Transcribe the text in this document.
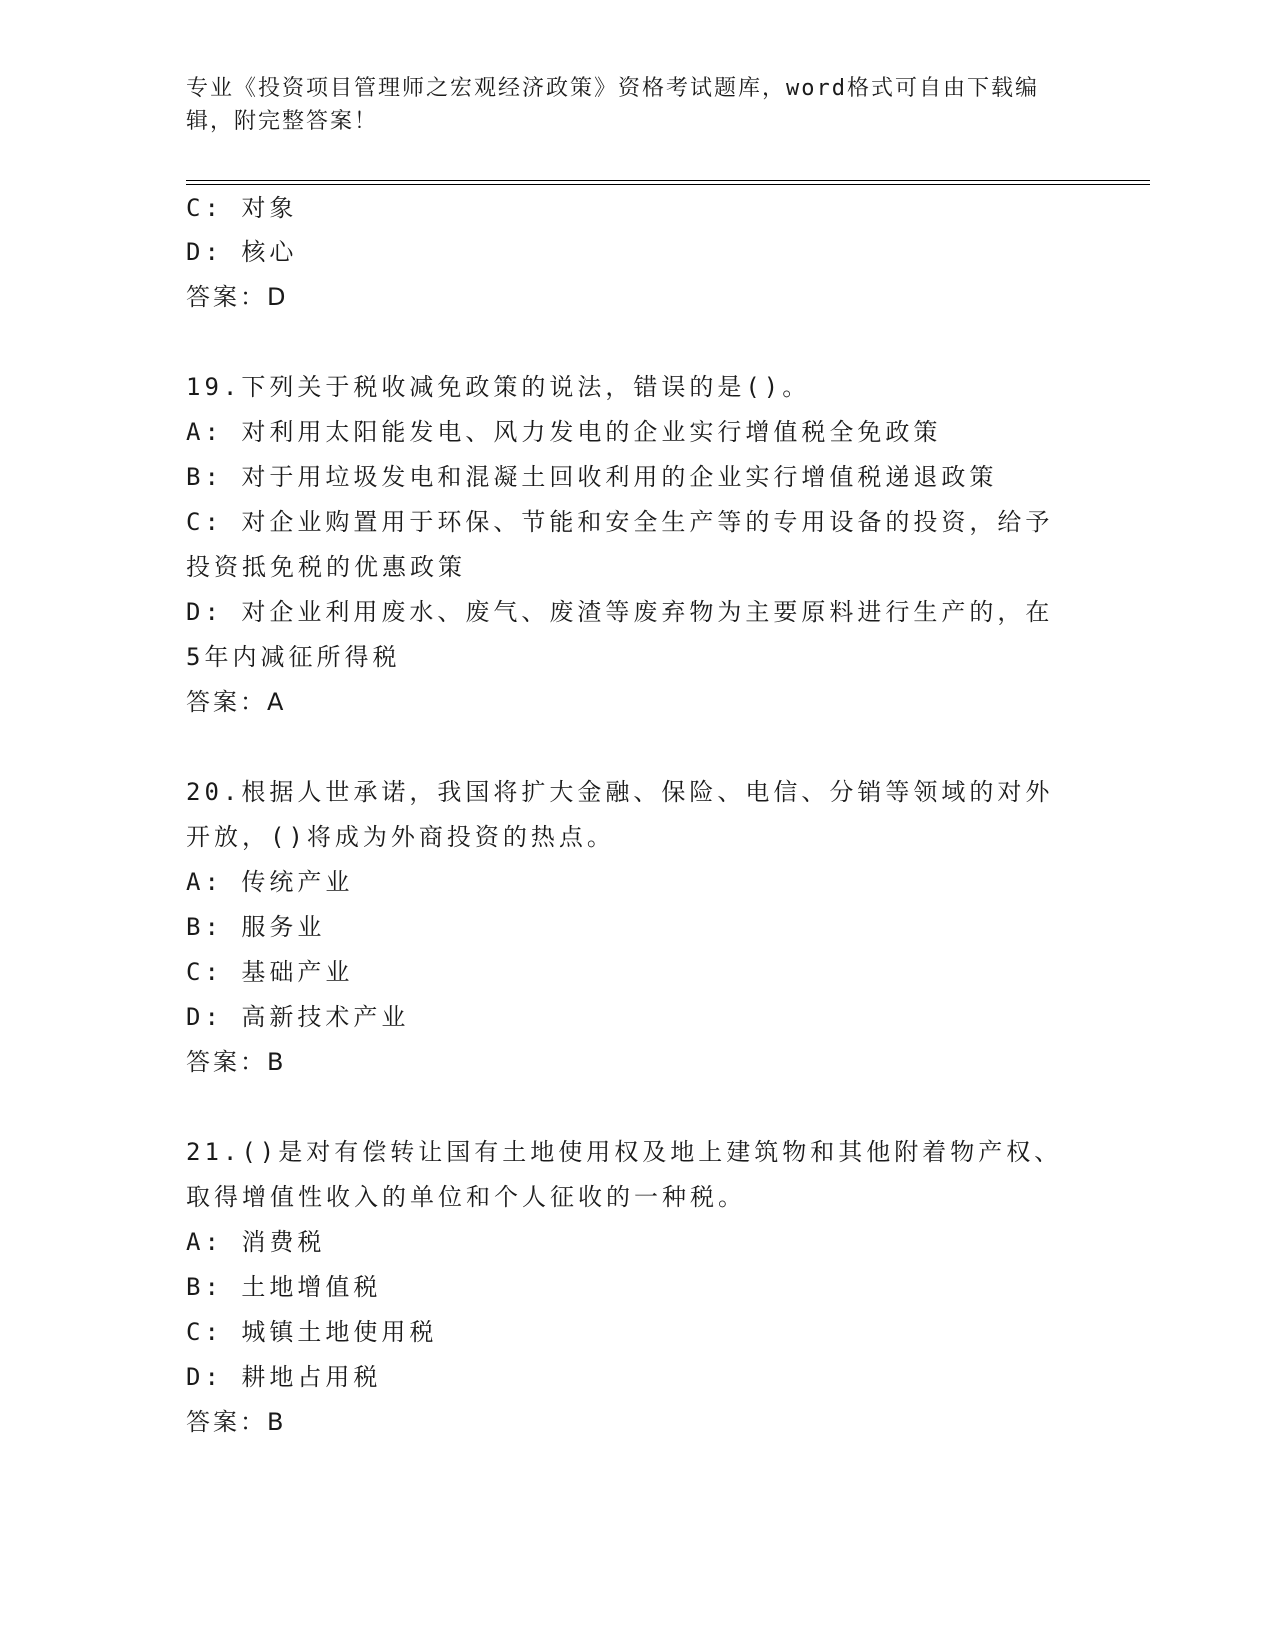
专业《投资项目管理师之宏观经济政策》资格考试题库，word格式可自由下载编辑，附完整答案！
C: 对象
D: 核心
答案：D
19.下列关于税收减免政策的说法，错误的是()。
A: 对利用太阳能发电、风力发电的企业实行增值税全免政策
B: 对于用垃圾发电和混凝土回收利用的企业实行增值税递退政策
C: 对企业购置用于环保、节能和安全生产等的专用设备的投资，给予
投资抵免税的优惠政策
D: 对企业利用废水、废气、废渣等废弃物为主要原料进行生产的，在
5年内减征所得税
答案：A
20.根据人世承诺，我国将扩大金融、保险、电信、分销等领域的对外
开放，()将成为外商投资的热点。
A: 传统产业
B: 服务业
C: 基础产业
D: 高新技术产业
答案：B
21.()是对有偿转让国有土地使用权及地上建筑物和其他附着物产权、
取得增值性收入的单位和个人征收的一种税。
A: 消费税
B: 土地增值税
C: 城镇土地使用税
D: 耕地占用税
答案：B
